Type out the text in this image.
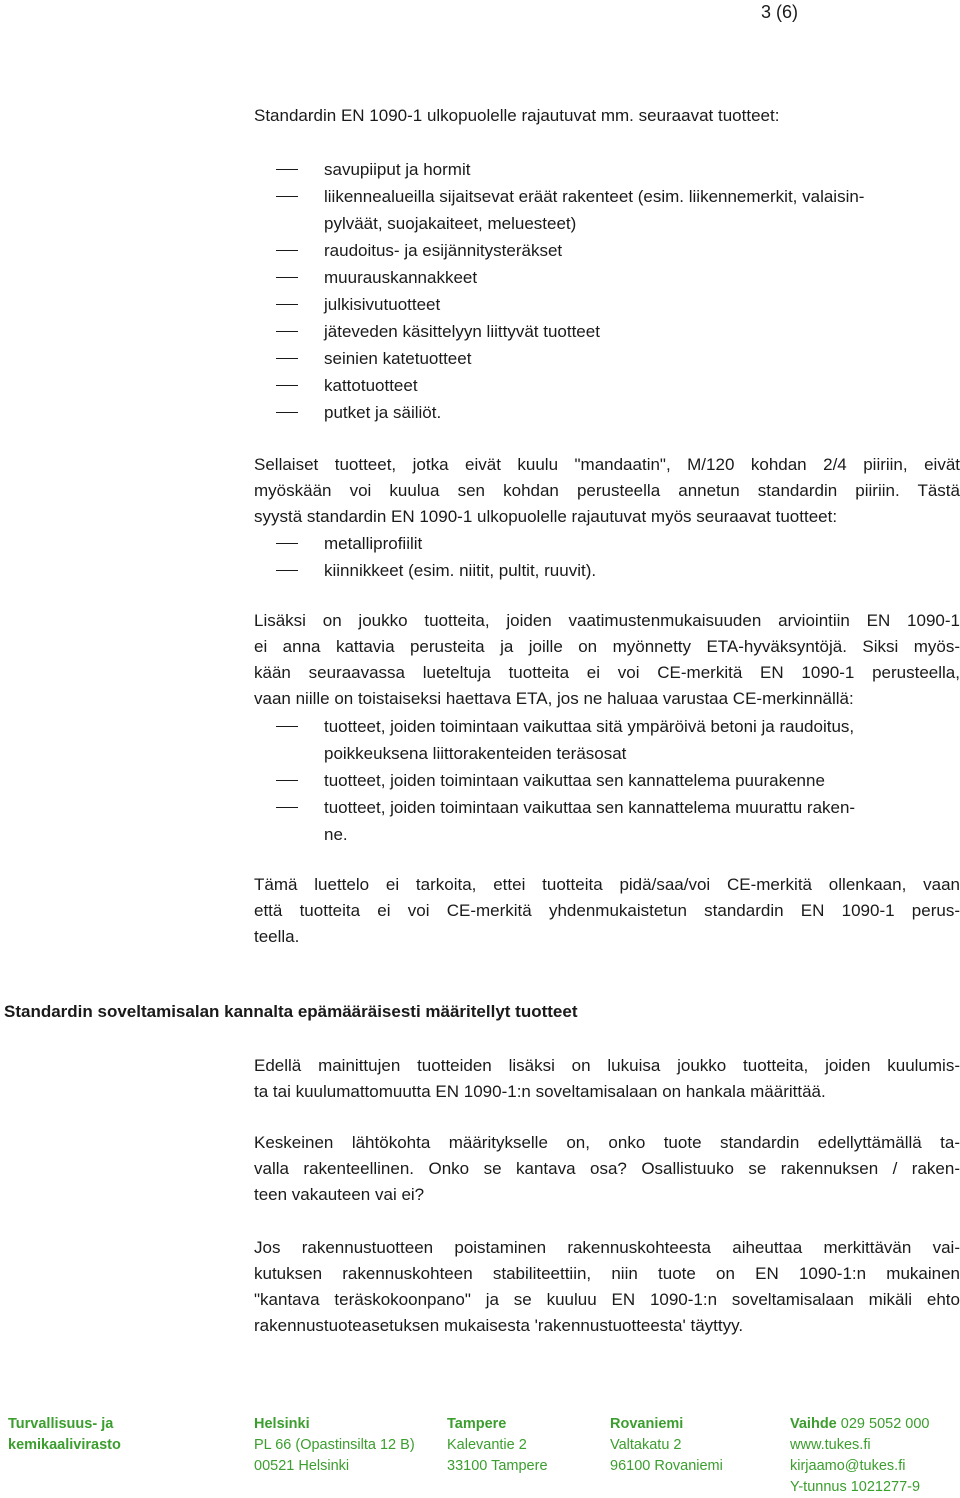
3 (6)

Standardin EN 1090-1 ulkopuolelle rajautuvat mm. seuraavat tuotteet:

savupiiput ja hormit
liikennealueilla sijaitsevat eräät rakenteet (esim. liikennemerkit, valaisin-
pylväät, suojakaiteet, meluesteet)
raudoitus- ja esijännitysteräkset
muurauskannakkeet
julkisivutuotteet
jäteveden käsittelyyn liittyvät tuotteet
seinien katetuotteet
kattotuotteet
putket ja säiliöt.
Sellaiset tuotteet, jotka eivät kuulu "mandaatin", M/120 kohdan 2/4 piiriin, eivät
myöskään voi kuulua sen kohdan perusteella annetun standardin piiriin. Tästä
syystä standardin EN 1090-1 ulkopuolelle rajautuvat myös seuraavat tuotteet:
metalliprofiilit
kiinnikkeet (esim. niitit, pultit, ruuvit).
Lisäksi on joukko tuotteita, joiden vaatimustenmukaisuuden arviointiin EN 1090-1
ei anna kattavia perusteita ja joille on myönnetty ETA-hyväksyntöjä. Siksi myös-
kään seuraavassa lueteltuja tuotteita ei voi CE-merkitä EN 1090-1 perusteella,
vaan niille on toistaiseksi haettava ETA, jos ne haluaa varustaa CE-merkinnällä:
tuotteet, joiden toimintaan vaikuttaa sitä ympäröivä betoni ja raudoitus,
poikkeuksena liittorakenteiden teräsosat
tuotteet, joiden toimintaan vaikuttaa sen kannattelema puurakenne
tuotteet, joiden toimintaan vaikuttaa sen kannattelema muurattu raken-
ne.
Tämä luettelo ei tarkoita, ettei tuotteita pidä/saa/voi CE-merkitä ollenkaan, vaan
että tuotteita ei voi CE-merkitä yhdenmukaistetun standardin EN 1090-1 perus-
teella.
Standardin soveltamisalan kannalta epämääräisesti määritellyt tuotteet
Edellä mainittujen tuotteiden lisäksi on lukuisa joukko tuotteita, joiden kuulumis-
ta tai kuulumattomuutta EN 1090-1:n soveltamisalaan on hankala määrittää.
Keskeinen lähtökohta määritykselle on, onko tuote standardin edellyttämällä ta-
valla rakenteellinen. Onko se kantava osa? Osallistuuko se rakennuksen / raken-
teen vakauteen vai ei?
Jos rakennustuotteen poistaminen rakennuskohteesta aiheuttaa merkittävän vai-
kutuksen rakennuskohteen stabiliteettiin, niin tuote on EN 1090-1:n mukainen
"kantava teräskokoonpano" ja se kuuluu EN 1090-1:n soveltamisalaan mikäli ehto
rakennustuoteasetuksen mukaisesta 'rakennustuotteesta' täyttyy.
Turvallisuus- ja
kemikaalivirasto
Helsinki
PL 66 (Opastinsilta 12 B)
00521 Helsinki
Tampere
Kalevantie 2
33100 Tampere
Rovaniemi
Valtakatu 2
96100 Rovaniemi
Vaihde 029 5052 000
www.tukes.fi
kirjaamo@tukes.fi
Y-tunnus 1021277-9
